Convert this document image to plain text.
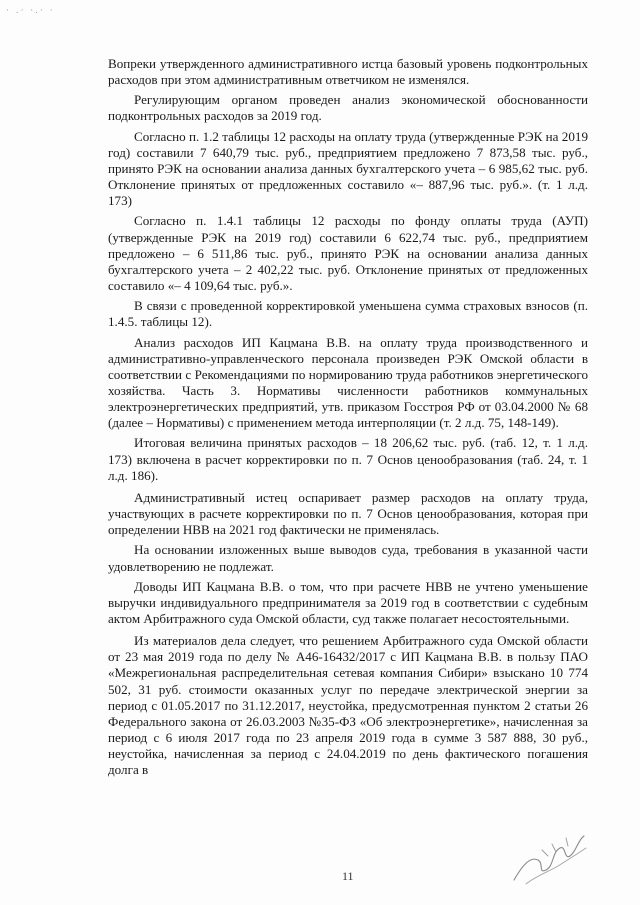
· .· ·.· ·

Вопреки утвержденного административного истца базовый уровень подконтрольных расходов при этом административным ответчиком не изменялся.

Регулирующим органом проведен анализ экономической обоснованности подконтрольных расходов за 2019 год.

Согласно п. 1.2 таблицы 12 расходы на оплату труда (утвержденные РЭК на 2019 год) составили 7 640,79 тыс. руб., предприятием предложено 7 873,58 тыс. руб., принято РЭК на основании анализа данных бухгалтерского учета – 6 985,62 тыс. руб. Отклонение принятых от предложенных составило «– 887,96 тыс. руб.». (т. 1 л.д. 173)

Согласно п. 1.4.1 таблицы 12 расходы по фонду оплаты труда (АУП) (утвержденные РЭК на 2019 год) составили 6 622,74 тыс. руб., предприятием предложено – 6 511,86 тыс. руб., принято РЭК на основании анализа данных бухгалтерского учета – 2 402,22 тыс. руб. Отклонение принятых от предложенных составило «– 4 109,64 тыс. руб.».

В связи с проведенной корректировкой уменьшена сумма страховых взносов (п. 1.4.5. таблицы 12).

Анализ расходов ИП Кацмана В.В. на оплату труда производственного и административно-управленческого персонала произведен РЭК Омской области в соответствии с Рекомендациями по нормированию труда работников энергетического хозяйства. Часть 3. Нормативы численности работников коммунальных электроэнергетических предприятий, утв. приказом Госстроя РФ от 03.04.2000 № 68 (далее – Нормативы) с применением метода интерполяции (т. 2 л.д. 75, 148-149).

Итоговая величина принятых расходов – 18 206,62 тыс. руб. (таб. 12, т. 1 л.д. 173) включена в расчет корректировки по п. 7 Основ ценообразования (таб. 24, т. 1 л.д. 186).

Административный истец оспаривает размер расходов на оплату труда, участвующих в расчете корректировки по п. 7 Основ ценообразования, которая при определении НВВ на 2021 год фактически не применялась.

На основании изложенных выше выводов суда, требования в указанной части удовлетворению не подлежат.

Доводы ИП Кацмана В.В. о том, что при расчете НВВ не учтено уменьшение выручки индивидуального предпринимателя за 2019 год в соответствии с судебным актом Арбитражного суда Омской области, суд также полагает несостоятельными.

Из материалов дела следует, что решением Арбитражного суда Омской области от 23 мая 2019 года по делу № А46-16432/2017 с ИП Кацмана В.В. в пользу ПАО «Межрегиональная распределительная сетевая компания Сибири» взыскано 10 774 502, 31 руб. стоимости оказанных услуг по передаче электрической энергии за период с 01.05.2017 по 31.12.2017, неустойка, предусмотренная пунктом 2 статьи 26 Федерального закона от 26.03.2003 №35-ФЗ «Об электроэнергетике», начисленная за период с 6 июля 2017 года по 23 апреля 2019 года в сумме 3 587 888, 30 руб., неустойка, начисленная за период с 24.04.2019 по день фактического погашения долга в

11
